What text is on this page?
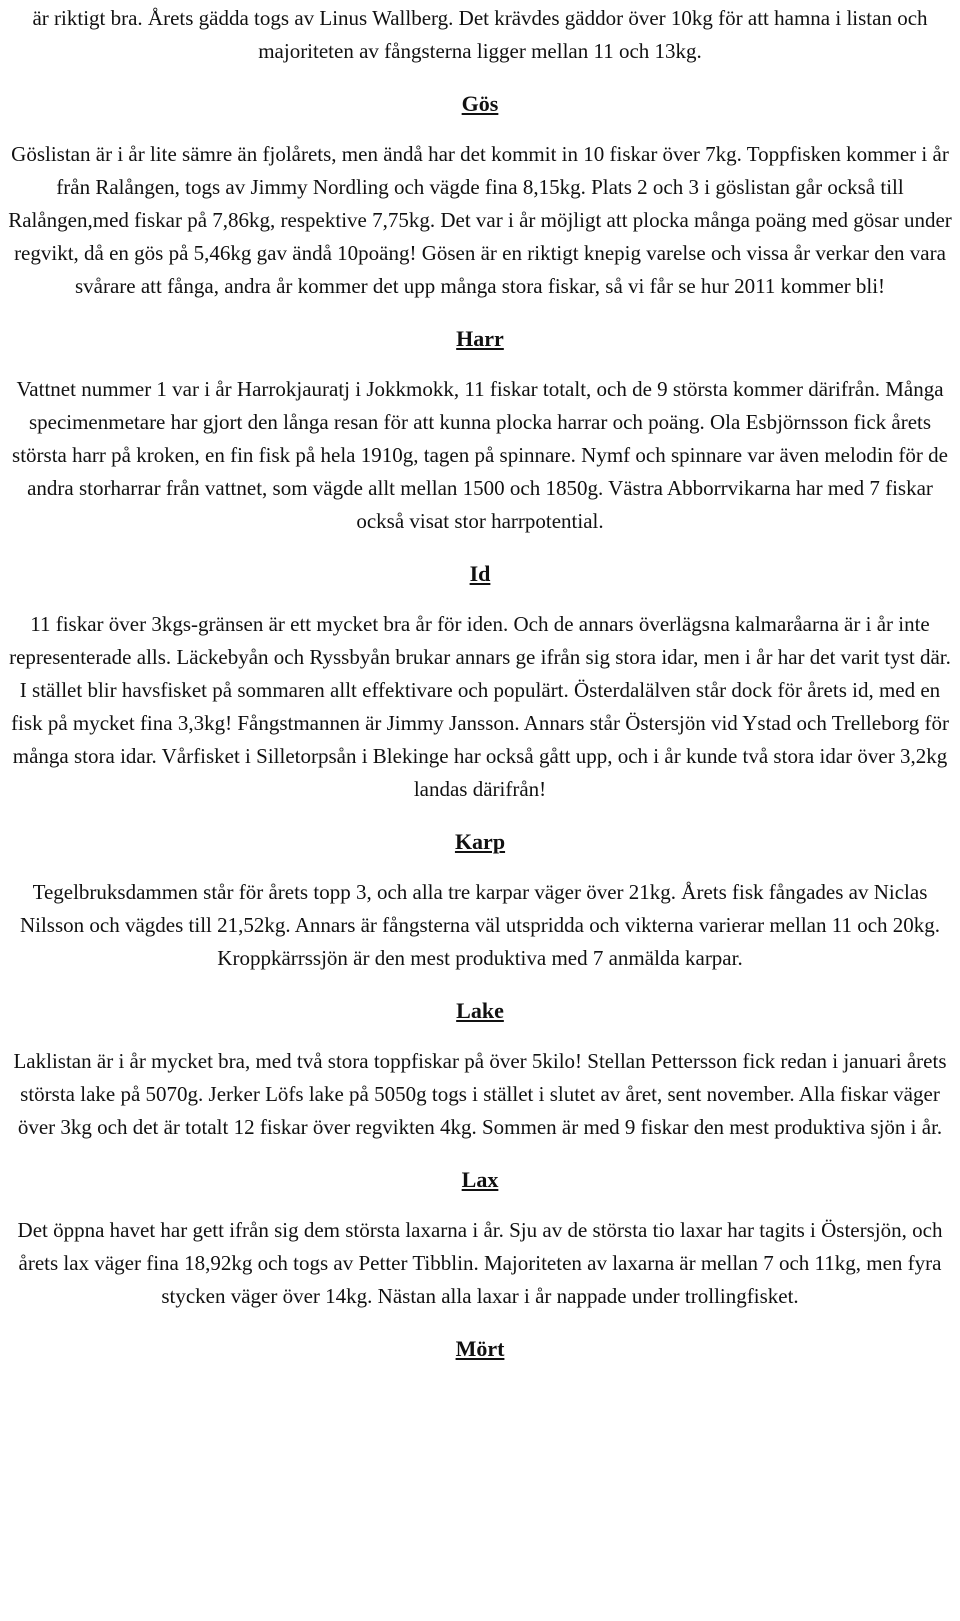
är riktigt bra. Årets gädda togs av Linus Wallberg. Det krävdes gäddor över 10kg för att hamna i listan och majoriteten av fångsterna ligger mellan 11 och 13kg.

Gös

Göslistan är i år lite sämre än fjolårets, men ändå har det kommit in 10 fiskar över 7kg. Toppfisken kommer i år från Ralången, togs av Jimmy Nordling och vägde fina 8,15kg. Plats 2 och 3 i göslistan går också till Ralången,med fiskar på 7,86kg, respektive 7,75kg. Det var i år möjligt att plocka många poäng med gösar under regvikt, då en gös på 5,46kg gav ändå 10poäng! Gösen är en riktigt knepig varelse och vissa år verkar den vara svårare att fånga, andra år kommer det upp många stora fiskar, så vi får se hur 2011 kommer bli!

Harr

Vattnet nummer 1 var i år Harrokjauratj i Jokkmokk, 11 fiskar totalt, och de 9 största kommer därifrån. Många specimenmetare har gjort den långa resan för att kunna plocka harrar och poäng. Ola Esbjörnsson fick årets största harr på kroken, en fin fisk på hela 1910g, tagen på spinnare. Nymf och spinnare var även melodin för de andra storharrar från vattnet, som vägde allt mellan 1500 och 1850g. Västra Abborrvikarna har med 7 fiskar också visat stor harrpotential.

Id

11 fiskar över 3kgs-gränsen är ett mycket bra år för iden. Och de annars överlägsna kalmaråarna är i år inte representerade alls. Läckebyån och Ryssbyån brukar annars ge ifrån sig stora idar, men i år har det varit tyst där. I stället blir havsfisket på sommaren allt effektivare och populärt. Österdalälven står dock för årets id, med en fisk på mycket fina 3,3kg! Fångstmannen är Jimmy Jansson. Annars står Östersjön vid Ystad och Trelleborg för många stora idar. Vårfisket i Silletorpsån i Blekinge har också gått upp, och i år kunde två stora idar över 3,2kg landas därifrån!

Karp

Tegelbruksdammen står för årets topp 3, och alla tre karpar väger över 21kg. Årets fisk fångades av Niclas Nilsson och vägdes till 21,52kg. Annars är fångsterna väl utspridda och vikterna varierar mellan 11 och 20kg. Kroppkärrssjön är den mest produktiva med 7 anmälda karpar.

Lake

Laklistan är i år mycket bra, med två stora toppfiskar på över 5kilo! Stellan Pettersson fick redan i januari årets största lake på 5070g. Jerker Löfs lake på 5050g togs i stället i slutet av året, sent november. Alla fiskar väger över 3kg och det är totalt 12 fiskar över regvikten 4kg. Sommen är med 9 fiskar den mest produktiva sjön i år.

Lax

Det öppna havet har gett ifrån sig dem största laxarna i år. Sju av de största tio laxar har tagits i Östersjön, och årets lax väger fina 18,92kg och togs av Petter Tibblin. Majoriteten av laxarna är mellan 7 och 11kg, men fyra stycken väger över 14kg. Nästan alla laxar i år nappade under trollingfisket.

Mört
